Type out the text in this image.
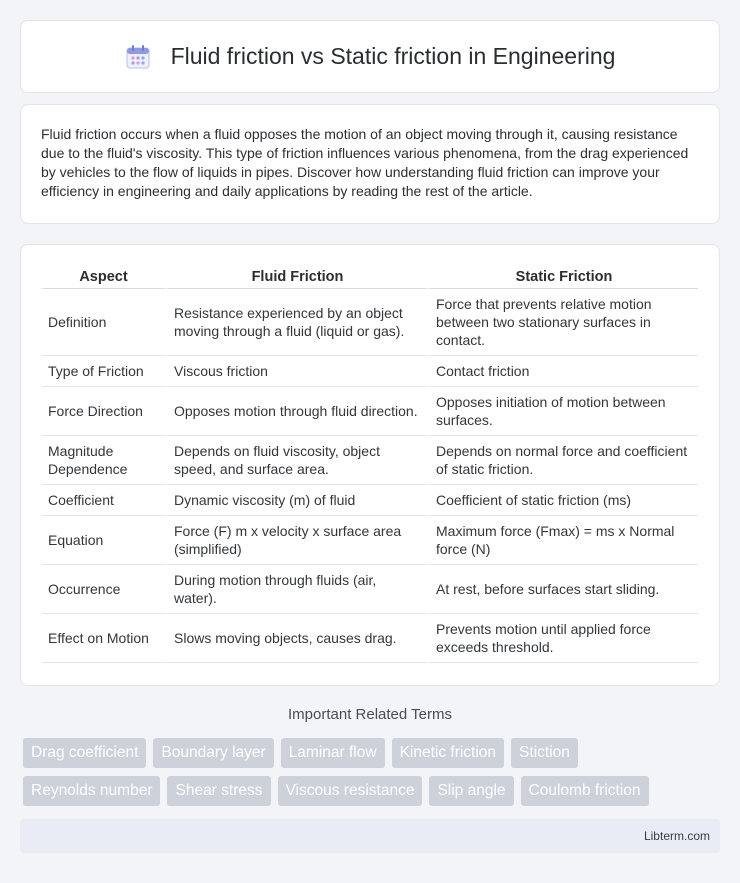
Fluid friction vs Static friction in Engineering

Fluid friction occurs when a fluid opposes the motion of an object moving through it, causing resistance due to the fluid's viscosity. This type of friction influences various phenomena, from the drag experienced by vehicles to the flow of liquids in pipes. Discover how understanding fluid friction can improve your efficiency in engineering and daily applications by reading the rest of the article.

Aspect	Fluid Friction	Static Friction
Definition	Resistance experienced by an object moving through a fluid (liquid or gas).	Force that prevents relative motion between two stationary surfaces in contact.
Type of Friction	Viscous friction	Contact friction
Force Direction	Opposes motion through fluid direction.	Opposes initiation of motion between surfaces.
Magnitude Dependence	Depends on fluid viscosity, object speed, and surface area.	Depends on normal force and coefficient of static friction.
Coefficient	Dynamic viscosity (m) of fluid	Coefficient of static friction (ms)
Equation	Force (F) m x velocity x surface area (simplified)	Maximum force (Fmax) = ms x Normal force (N)
Occurrence	During motion through fluids (air, water).	At rest, before surfaces start sliding.
Effect on Motion	Slows moving objects, causes drag.	Prevents motion until applied force exceeds threshold.
Important Related Terms
Drag coefficient	Boundary layer	Laminar flow	Kinetic friction	Stiction
Reynolds number	Shear stress	Viscous resistance	Slip angle	Coulomb friction
Libterm.com
